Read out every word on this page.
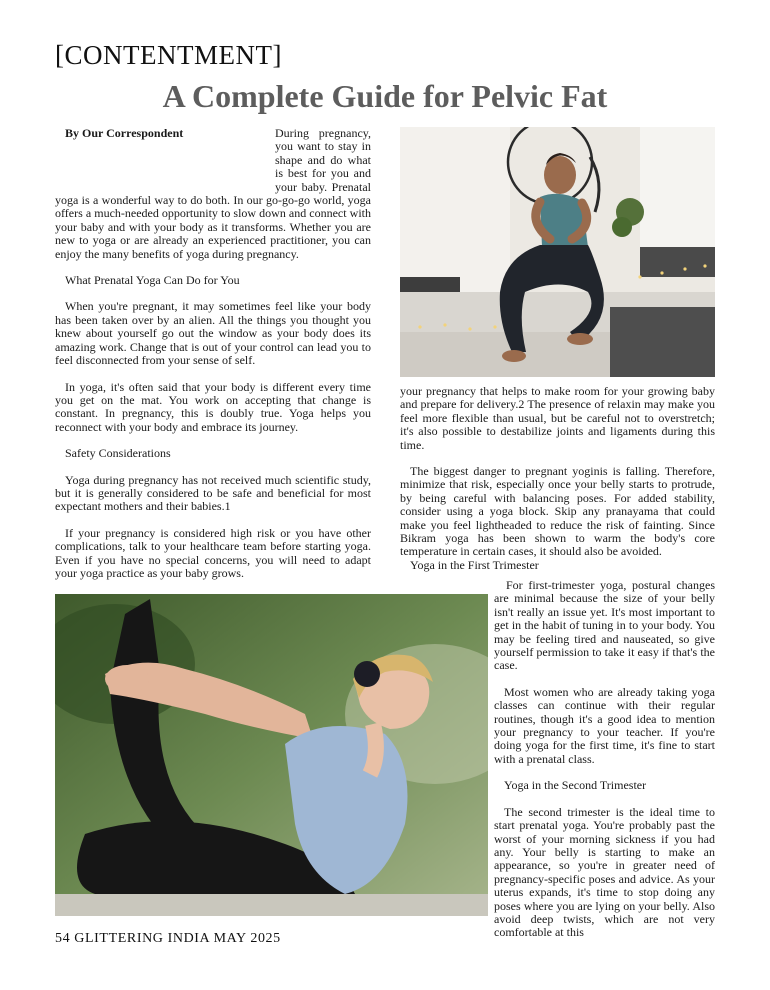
[CONTENTMENT]
A Complete Guide for Pelvic Fat

By Our Correspondent	During pregnancy, you want to stay in shape and do what is best for you and your baby. Prenatal yoga is a wonderful way to do both. In our go-go-go world, yoga offers a much-needed opportunity to slow down and connect with your baby and with your body as it transforms. Whether you are new to yoga or are already an experienced practitioner, you can enjoy the many benefits of yoga during pregnancy.

What Prenatal Yoga Can Do for You

When you're pregnant, it may sometimes feel like your body has been taken over by an alien. All the things you thought you knew about yourself go out the window as your body does its amazing work. Change that is out of your control can lead you to feel disconnected from your sense of self.

In yoga, it's often said that your body is different every time you get on the mat. You work on accepting that change is constant. In pregnancy, this is doubly true. Yoga helps you reconnect with your body and embrace its journey.

Safety Considerations

Yoga during pregnancy has not received much scientific study, but it is generally considered to be safe and beneficial for most expectant mothers and their babies.1

If your pregnancy is considered high risk or you have other complications, talk to your healthcare team before starting yoga. Even if you have no special concerns, you will need to adapt your yoga practice as your baby grows.

your pregnancy that helps to make room for your growing baby and prepare for delivery.2 The presence of relaxin may make you feel more flexible than usual, but be careful not to overstretch; it's also possible to destabilize joints and ligaments during this time.

The biggest danger to pregnant yoginis is falling. Therefore, minimize that risk, especially once your belly starts to protrude, by being careful with balancing poses. For added stability, consider using a yoga block. Skip any pranayama that could make you feel lightheaded to reduce the risk of fainting. Since Bikram yoga has been shown to warm the body's core temperature in certain cases, it should also be avoided.

Yoga in the First Trimester

For first-trimester yoga, postural changes are minimal because the size of your belly isn't really an issue yet. It's most important to get in the habit of tuning in to your body. You may be feeling tired and nauseated, so give yourself permission to take it easy if that's the case.

Most women who are already taking yoga classes can continue with their regular routines, though it's a good idea to mention your pregnancy to your teacher. If you're doing yoga for the first time, it's fine to start with a prenatal class.

Yoga in the Second Trimester

The second trimester is the ideal time to start prenatal yoga. You're probably past the worst of your morning sickness if you had any. Your belly is starting to make an appearance, so you're in greater need of pregnancy-specific poses and advice. As your uterus expands, it's time to stop doing any poses where you are lying on your belly. Also avoid deep twists, which are not very comfortable at this

54 GLITTERING INDIA MAY 2025
